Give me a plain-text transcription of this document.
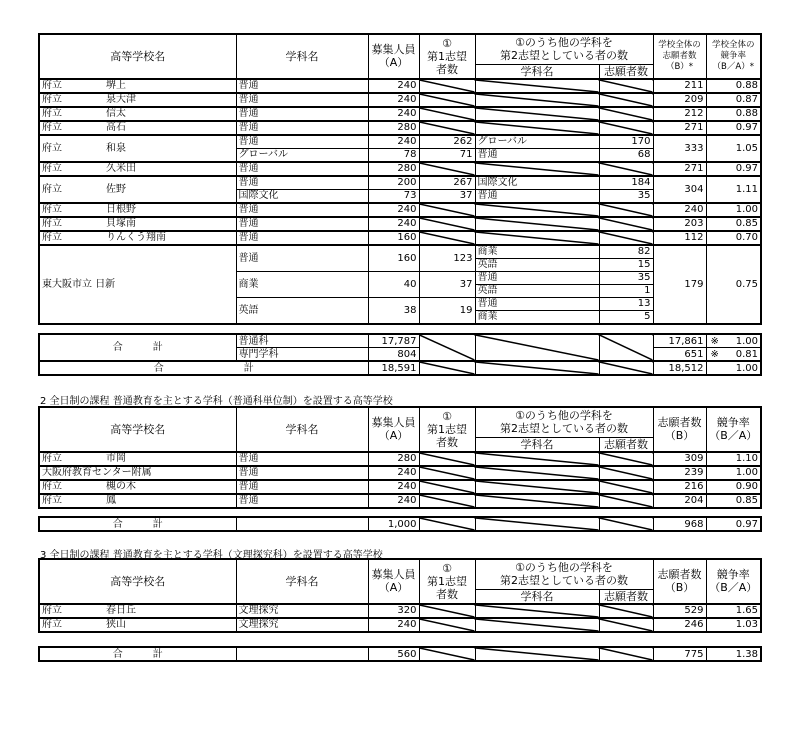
2 全日制の課程 普通教育を主とする学科（普通科単位制）を設置する高等学校
3 全日制の課程 普通教育を主とする学科（文理探究科）を設置する高等学校
高等学校名	学科名	募集人員
（A）	①
第1志望
者数	①のうち他の学科を
第2志望としている者の数		学校全体の
志願者数
（B）*	学校全体の
競争率
（B／A）*
				学科名	志願者数		
府立 堺上	普通	240				211	0.88
府立 泉大津	普通	240				209	0.87
府立 信太	普通	240				212	0.88
府立 高石	普通	280				271	0.97
府立 和泉	普通	240	262	グローバル	170	333	1.05
	グローバル	78	71	普通	68		
府立 久米田	普通	280				271	0.97
府立 佐野	普通	200	267	国際文化	184	304	1.11
	国際文化	73	37	普通	35		
府立 日根野	普通	240				240	1.00
府立 貝塚南	普通	240				203	0.85
府立 りんくう翔南	普通	160				112	0.70
東大阪市立 日新	普通	160	123	商業	82	179	0.75
				英語	15		
	商業	40	37	普通	35		
				英語	1		
	英語	38	19	普通	13		
				商業	5		
合　　　計	普通科	17,787				17,861	※ 1.00
	専門学科	804				651	※ 0.81
合　　　　　　　　計		18,591				18,512	1.00
高等学校名	学科名	募集人員
（A）	①
第1志望
者数	①のうち他の学科を
第2志望としている者の数		志願者数
（B）	競争率
（B／A）
				学科名	志願者数		
府立 市岡	普通	280				309	1.10
大阪府教育センター附属	普通	240				239	1.00
府立 槻の木	普通	240				216	0.90
府立 鳳	普通	240				204	0.85
合　　　計		1,000				968	0.97
高等学校名	学科名	募集人員
（A）	①
第1志望
者数	①のうち他の学科を
第2志望としている者の数		志願者数
（B）	競争率
（B／A）
				学科名	志願者数		
府立 春日丘	文理探究	320				529	1.65
府立 狭山	文理探究	240				246	1.03
合　　　計		560				775	1.38
